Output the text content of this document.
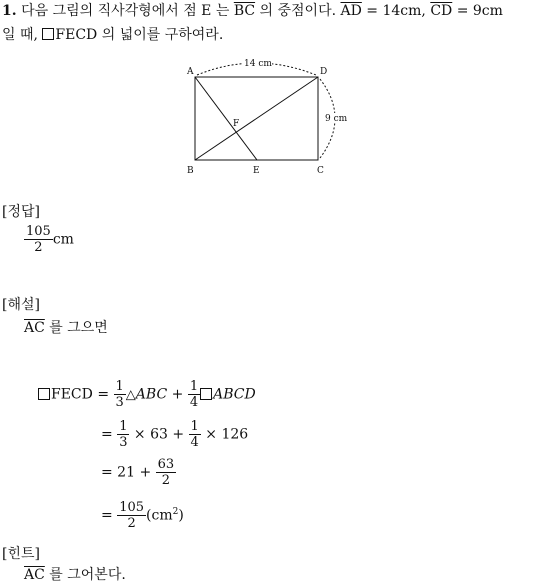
1. 다음 그림의 직사각형에서 점 E 는 $\overline{BC}$ 의 중점이다. $\overline{AD} = 14cm$, $\overline{CD} = 9cm$
일 때, FECD 의 넓이를 구하여라.
14 cm
9 cm
A	D
B	C
E
F
[정답]
$\frac{105}{2}$ cm
[해설]
$\overline{AC}$ 를 그으면
FECD = $\frac{1}{3}$ △ABC + $\frac{1}{4}$ ABCD
= $\frac{1}{3} \times 63 + \frac{1}{4} \times 126$
= $21 + \frac{63}{2}$
= $\frac{105}{2} (cm^2)$
[힌트]
$\overline{AC}$ 를 그어본다.
